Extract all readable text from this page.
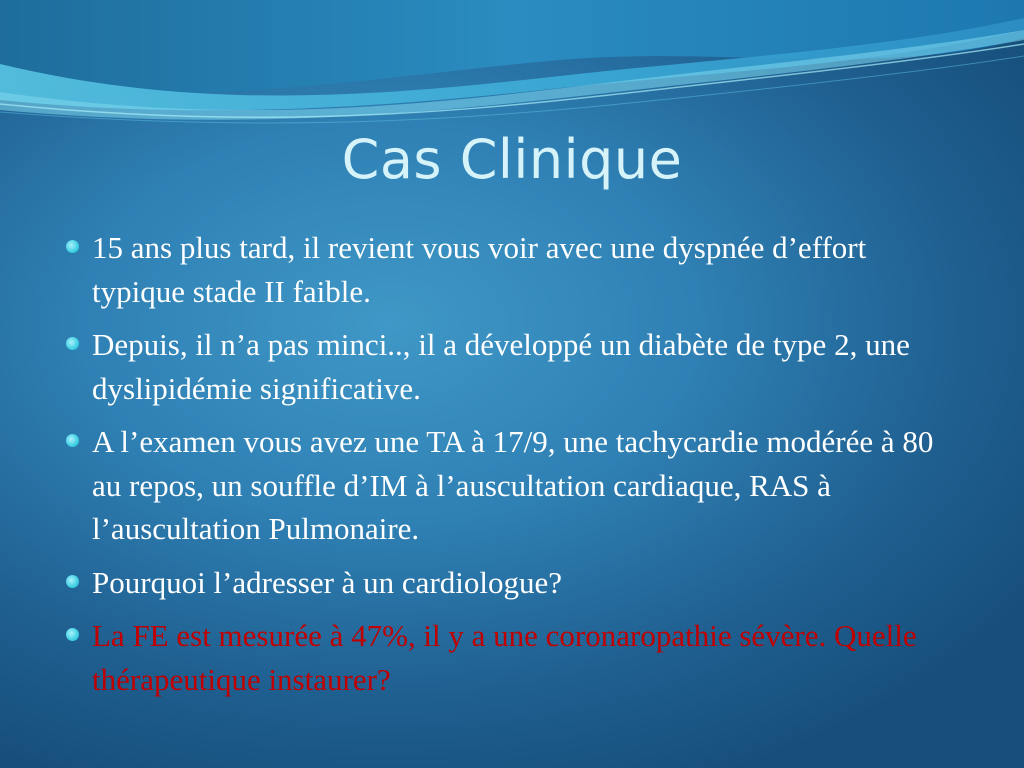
Cas Clinique
15 ans plus tard, il revient vous voir avec une dyspnée d’effort typique stade II faible.
Depuis, il n’a pas minci.., il a développé un diabète de type 2, une dyslipidémie significative.
A l’examen vous avez une TA à 17/9, une tachycardie modérée à 80 au repos, un souffle d’IM à l’auscultation cardiaque, RAS à l’auscultation Pulmonaire.
Pourquoi l’adresser à un cardiologue?
La FE est mesurée à 47%, il y a une coronaropathie sévère. Quelle thérapeutique instaurer?
